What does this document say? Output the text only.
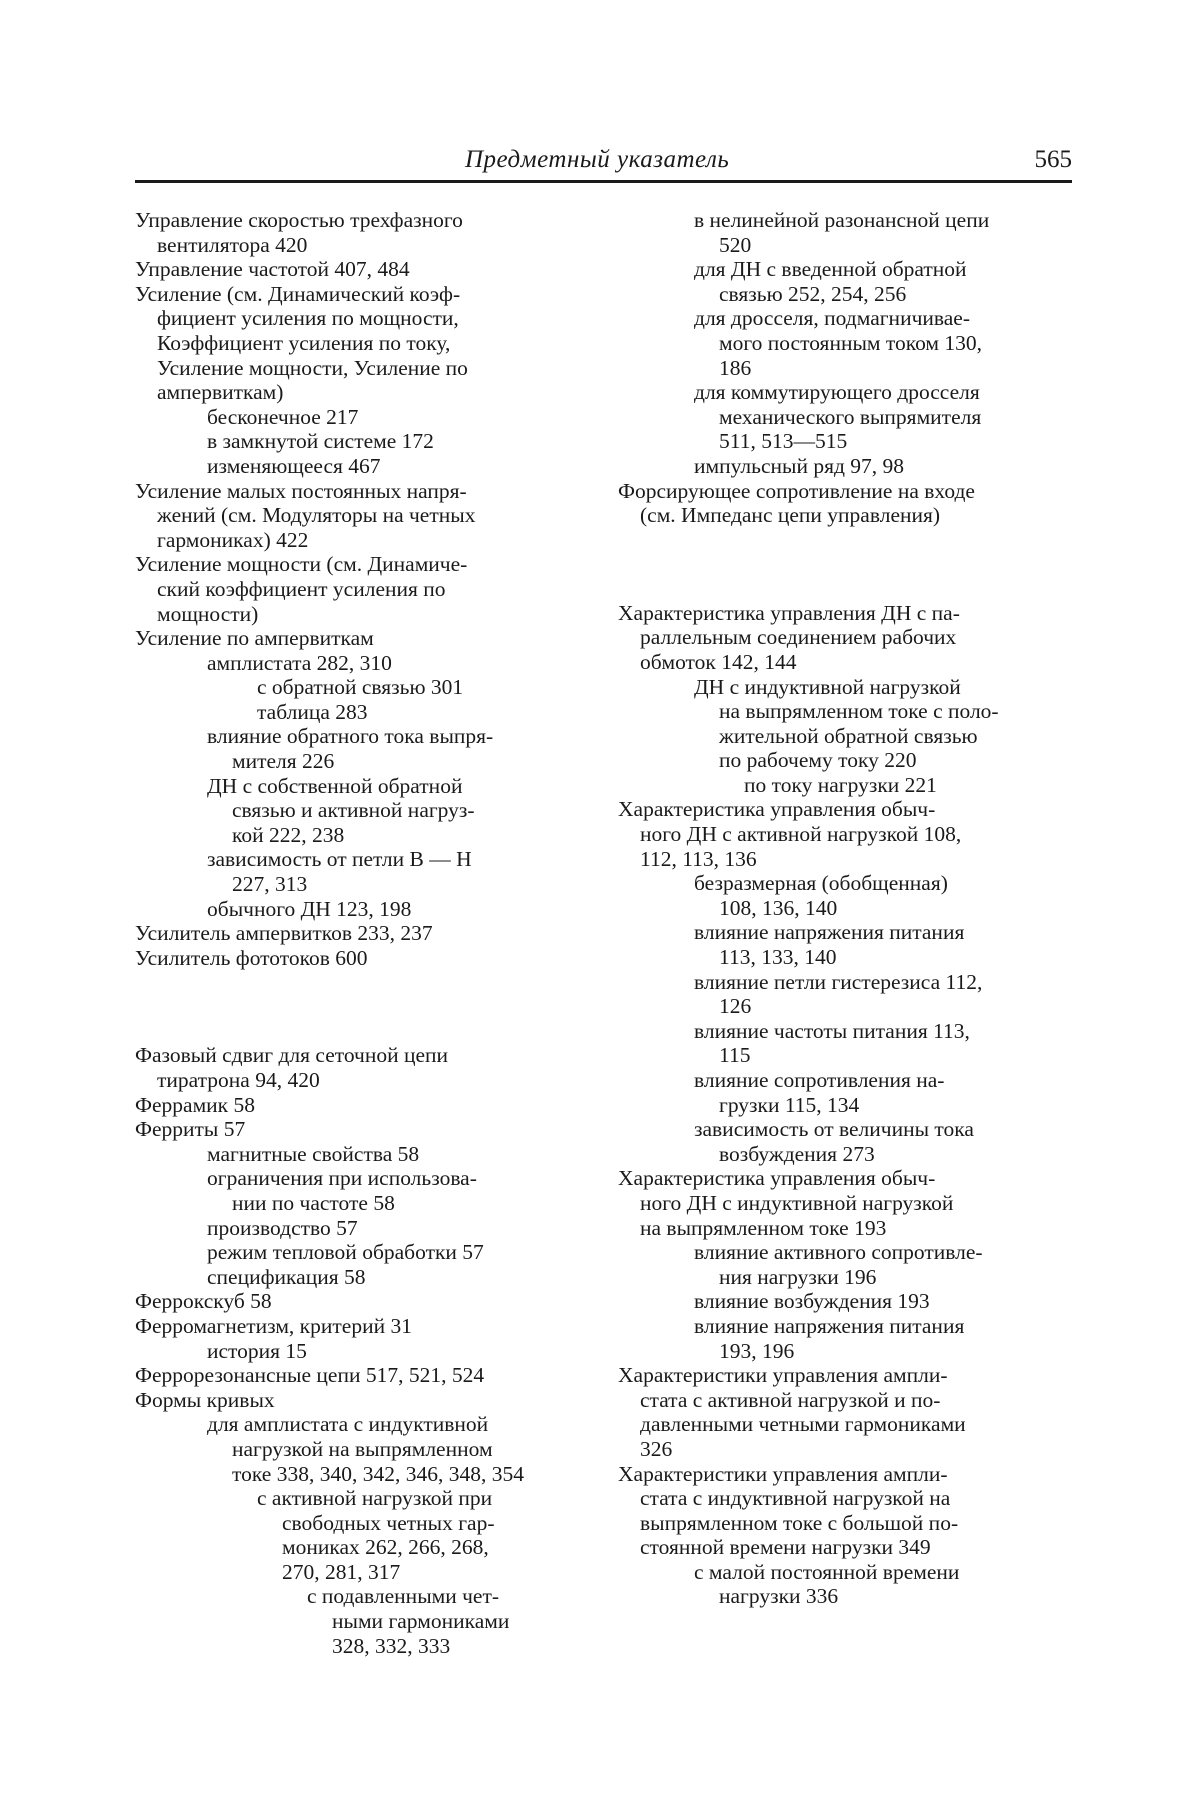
Предметный указатель	565
Управление скоростью трехфазного
вентилятора 420
Управление частотой 407, 484
Усиление (см. Динамический коэф-
фициент усиления по мощности,
Коэффициент усиления по току,
Усиление мощности, Усиление по
ампервиткам)
бесконечное 217
в замкнутой системе 172
изменяющееся 467
Усиление малых постоянных напря-
жений (см. Модуляторы на четных
гармониках) 422
Усиление мощности (см. Динамиче-
ский коэффициент усиления по
мощности)
Усиление по ампервиткам
амплистата 282, 310
с обратной связью 301
таблица 283
влияние обратного тока выпря-
мителя 226
ДН с собственной обратной
связью и активной нагруз-
кой 222, 238
зависимость от петли B — H
227, 313
обычного ДН 123, 198
Усилитель ампервитков 233, 237
Усилитель фототоков 600
Фазовый сдвиг для сеточной цепи
тиратрона 94, 420
Феррамик 58
Ферриты 57
магнитные свойства 58
ограничения при использова-
нии по частоте 58
производство 57
режим тепловой обработки 57
спецификация 58
Феррокскуб 58
Ферромагнетизм, критерий 31
история 15
Феррорезонансные цепи 517, 521, 524
Формы кривых
для амплистата с индуктивной
нагрузкой на выпрямленном
токе 338, 340, 342, 346, 348, 354
с активной нагрузкой при
свободных четных гар-
мониках 262, 266, 268,
270, 281, 317
с подавленными чет-
ными гармониками
328, 332, 333
в нелинейной разонансной цепи
520
для ДН с введенной обратной
связью 252, 254, 256
для дросселя, подмагничивае-
мого постоянным током 130,
186
для коммутирующего дросселя
механического выпрямителя
511, 513—515
импульсный ряд 97, 98
Форсирующее сопротивление на входе
(см. Импеданс цепи управления)
Характеристика управления ДН с па-
раллельным соединением рабочих
обмоток 142, 144
ДН с индуктивной нагрузкой
на выпрямленном токе с поло-
жительной обратной связью
по рабочему току 220
по току нагрузки 221
Характеристика управления обыч-
ного ДН с активной нагрузкой 108,
112, 113, 136
безразмерная (обобщенная)
108, 136, 140
влияние напряжения питания
113, 133, 140
влияние петли гистерезиса 112,
126
влияние частоты питания 113,
115
влияние сопротивления на-
грузки 115, 134
зависимость от величины тока
возбуждения 273
Характеристика управления обыч-
ного ДН с индуктивной нагрузкой
на выпрямленном токе 193
влияние активного сопротивле-
ния нагрузки 196
влияние возбуждения 193
влияние напряжения питания
193, 196
Характеристики управления ампли-
стата с активной нагрузкой и по-
давленными четными гармониками
326
Характеристики управления ампли-
стата с индуктивной нагрузкой на
выпрямленном токе с большой по-
стоянной времени нагрузки 349
с малой постоянной времени
нагрузки 336
